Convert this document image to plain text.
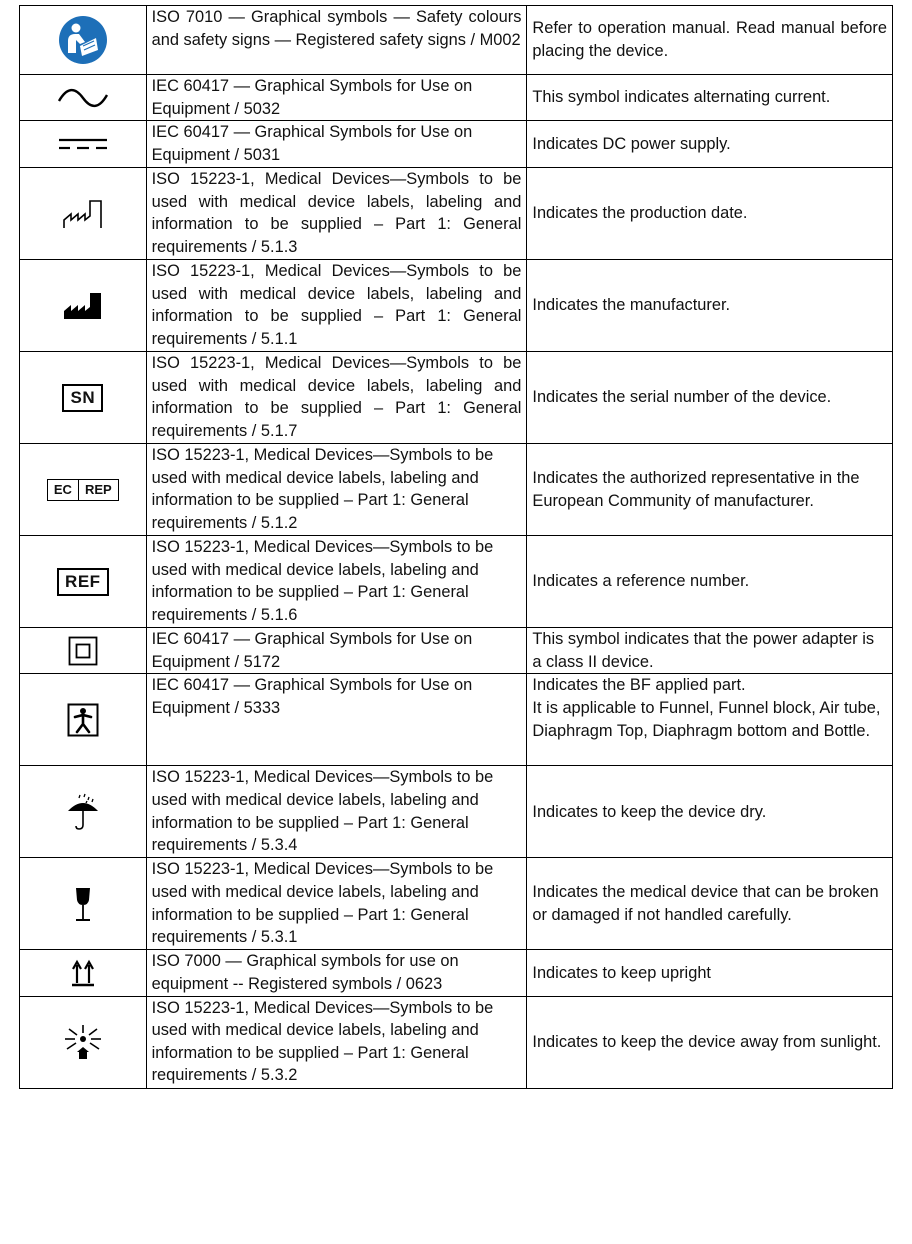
	ISO 7010 — Graphical symbols — Safety colours and safety signs — Registered safety signs / M002	Refer to operation manual. Read manual before placing the device.

	IEC 60417 — Graphical Symbols for Use on Equipment / 5032	This symbol indicates alternating current.

	IEC 60417 — Graphical Symbols for Use on Equipment / 5031	Indicates DC power supply.

	ISO 15223-1, Medical Devices—Symbols to be used with medical device labels, labeling and information to be supplied – Part 1: General requirements / 5.1.3	Indicates the production date.

	ISO 15223-1, Medical Devices—Symbols to be used with medical device labels, labeling and information to be supplied – Part 1: General requirements / 5.1.1	Indicates the manufacturer.
SN	ISO 15223-1, Medical Devices—Symbols to be used with medical device labels, labeling and information to be supplied – Part 1: General requirements / 5.1.7	Indicates the serial number of the device.

EC REP	ISO 15223-1, Medical Devices—Symbols to be used with medical device labels, labeling and information to be supplied – Part 1: General requirements / 5.1.2	Indicates the authorized representative in the European Community of manufacturer.
REF	ISO 15223-1, Medical Devices—Symbols to be used with medical device labels, labeling and information to be supplied – Part 1: General requirements / 5.1.6	Indicates a reference number.

	IEC 60417 — Graphical Symbols for Use on Equipment / 5172	This symbol indicates that the power adapter is a class II device.

	IEC 60417 — Graphical Symbols for Use on Equipment / 5333	Indicates the BF applied part.
It is applicable to Funnel, Funnel block, Air tube, Diaphragm Top, Diaphragm bottom and Bottle.

	ISO 15223-1, Medical Devices—Symbols to be used with medical device labels, labeling and information to be supplied – Part 1: General requirements / 5.3.4	Indicates to keep the device dry.

	ISO 15223-1, Medical Devices—Symbols to be used with medical device labels, labeling and information to be supplied – Part 1: General requirements / 5.3.1	Indicates the medical device that can be broken or damaged if not handled carefully.

	ISO 7000 — Graphical symbols for use on equipment -- Registered symbols / 0623	Indicates to keep upright

	ISO 15223-1, Medical Devices—Symbols to be used with medical device labels, labeling and information to be supplied – Part 1: General requirements / 5.3.2	Indicates to keep the device away from sunlight.
